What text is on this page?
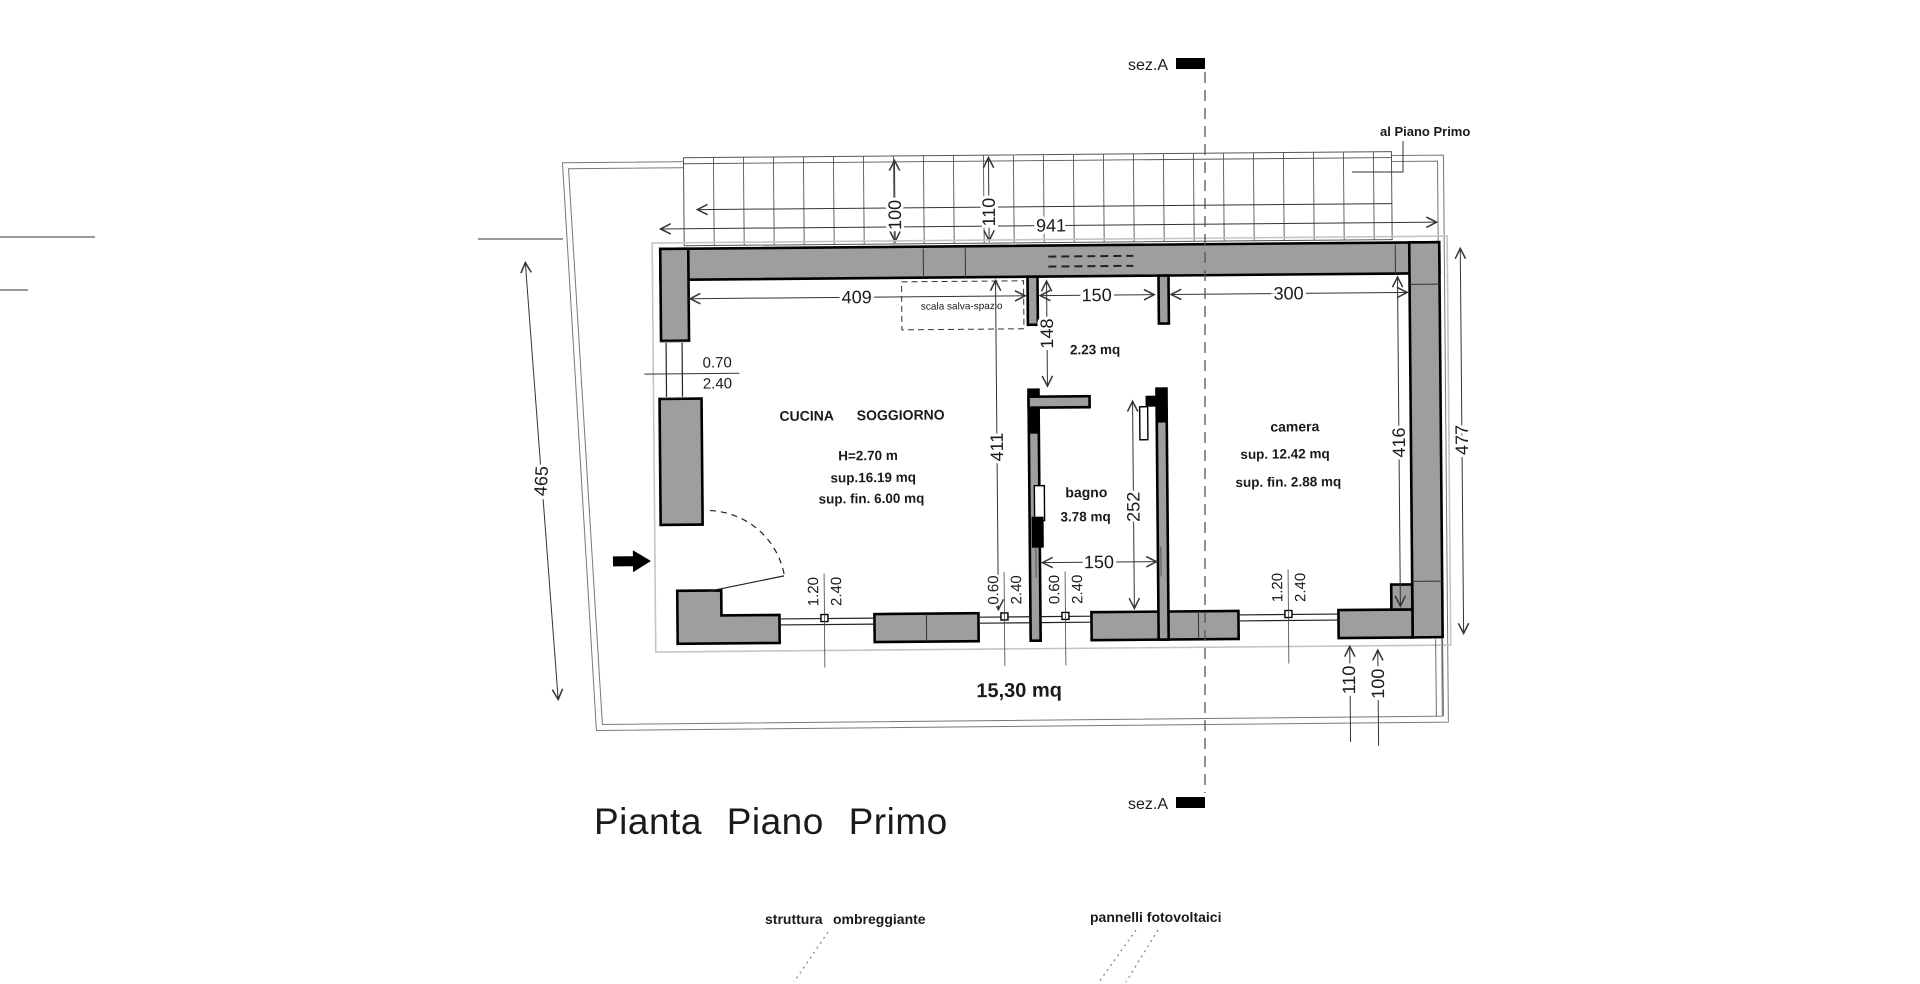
100	110 941
scala salva-spazio
409	150	300
148
411
252
416 477
465
150
110 100
0.70
2.40
1.20 2.40	0.60 2.40 0.60 2.40	1.20 2.40
CUCINA SOGGIORNO
H=2.70 m
sup.16.19 mq
sup. fin. 6.00 mq	bagno
3.78 mq
camera
sup. 12.42 mq
sup. fin. 2.88 mq
2.23 mq
15,30 mq
sez.A
sez.A
al Piano Primo
Pianta Piano Primo
struttura ombreggiante	pannelli fotovoltaici
